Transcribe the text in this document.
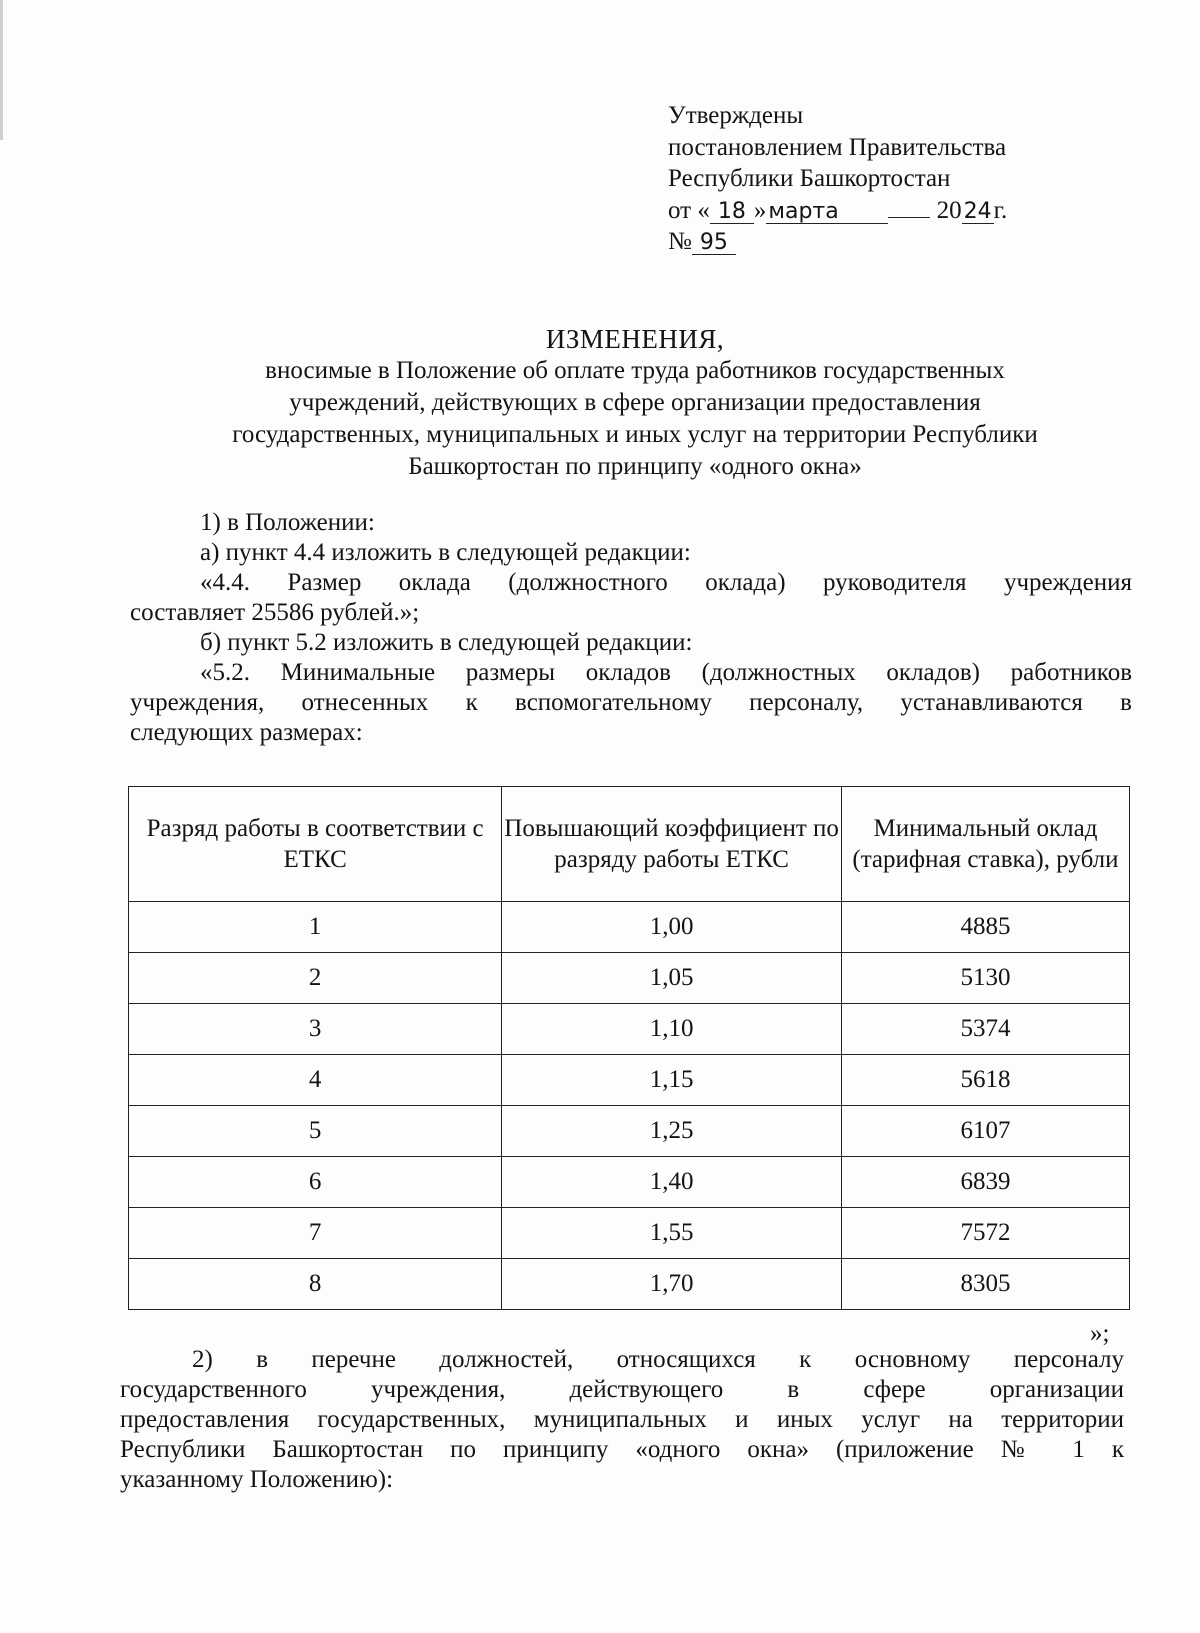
Утверждены
постановлением Правительства
Республики Башкортостан
от « 18 »марта	2024г.
№ 95
ИЗМЕНЕНИЯ,
вносимые в Положение об оплате труда работников государственных
учреждений, действующих в сфере организации предоставления
государственных, муниципальных и иных услуг на территории Республики
Башкортостан по принципу «одного окна»

1) в Положении:

а) пункт 4.4 изложить в следующей редакции:

«4.4. Размер оклада (должностного оклада) руководителя учреждения

составляет 25586 рублей.»;

б) пункт 5.2 изложить в следующей редакции:

«5.2. Минимальные размеры окладов (должностных окладов) работников

учреждения, отнесенных к вспомогательному персоналу, устанавливаются в

следующих размерах:

Разряд работы в соответствии с ЕТКС	Повышающий коэффициент по разряду работы ЕТКС	Минимальный оклад (тарифная ставка), рубли
1	1,00	4885
2	1,05	5130
3	1,10	5374
4	1,15	5618
5	1,25	6107
6	1,40	6839
7	1,55	7572
8	1,70	8305
»;

2) в перечне должностей, относящихся к основному персоналу

государственного учреждения, действующего в сфере организации

предоставления государственных, муниципальных и иных услуг на территории

Республики Башкортостан по принципу «одного окна» (приложение № 1 к

указанному Положению):
